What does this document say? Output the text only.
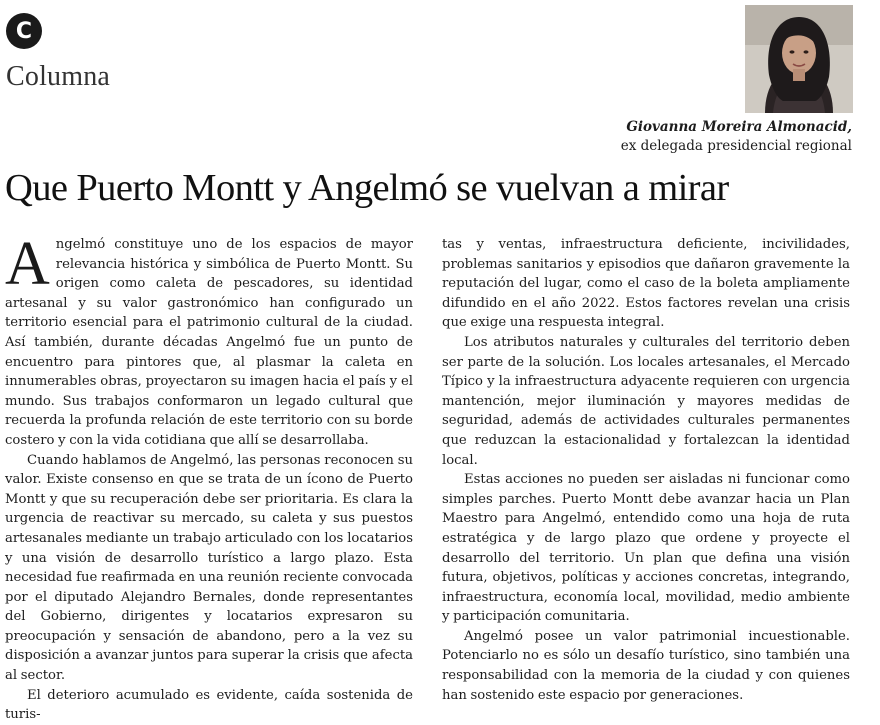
C
Columna
Giovanna Moreira Almonacid,
ex delegada presidencial regional
Que Puerto Montt y Angelmó se vuelvan a mirar

Angelmó constituye uno de los espacios de mayor relevancia histórica y simbólica de Puerto Montt. Su origen como caleta de pescadores, su identidad artesanal y su valor gastronómico han configurado un territorio esencial para el patrimonio cultural de la ciudad. Así también, durante décadas Angelmó fue un punto de encuentro para pintores que, al plasmar la caleta en innumerables obras, proyectaron su imagen hacia el país y el mundo. Sus trabajos conformaron un legado cultural que recuerda la profunda relación de este territorio con su borde costero y con la vida cotidiana que allí se desarrollaba.

Cuando hablamos de Angelmó, las personas reconocen su valor. Existe consenso en que se trata de un ícono de Puerto Montt y que su recuperación debe ser prioritaria. Es clara la urgencia de reactivar su mercado, su caleta y sus puestos artesanales mediante un trabajo articulado con los locatarios y una visión de desarrollo turístico a largo plazo. Esta necesidad fue reafirmada en una reunión reciente convocada por el diputado Alejandro Bernales, donde representantes del Gobierno, dirigentes y locatarios expresaron su preocupación y sensación de abandono, pero a la vez su disposición a avanzar juntos para superar la crisis que afecta al sector.

El deterioro acumulado es evidente, caída sostenida de turis-

tas y ventas, infraestructura deficiente, incivilidades, problemas sanitarios y episodios que dañaron gravemente la reputación del lugar, como el caso de la boleta ampliamente difundido en el año 2022. Estos factores revelan una crisis que exige una respuesta integral.

Los atributos naturales y culturales del territorio deben ser parte de la solución. Los locales artesanales, el Mercado Típico y la infraestructura adyacente requieren con urgencia mantención, mejor iluminación y mayores medidas de seguridad, además de actividades culturales permanentes que reduzcan la estacionalidad y fortalezcan la identidad local.

Estas acciones no pueden ser aisladas ni funcionar como simples parches. Puerto Montt debe avanzar hacia un Plan Maestro para Angelmó, entendido como una hoja de ruta estratégica y de largo plazo que ordene y proyecte el desarrollo del territorio. Un plan que defina una visión futura, objetivos, políticas y acciones concretas, integrando, infraestructura, economía local, movilidad, medio ambiente y participación comunitaria.

Angelmó posee un valor patrimonial incuestionable. Potenciarlo no es sólo un desafío turístico, sino también una responsabilidad con la memoria de la ciudad y con quienes han sostenido este espacio por generaciones.
